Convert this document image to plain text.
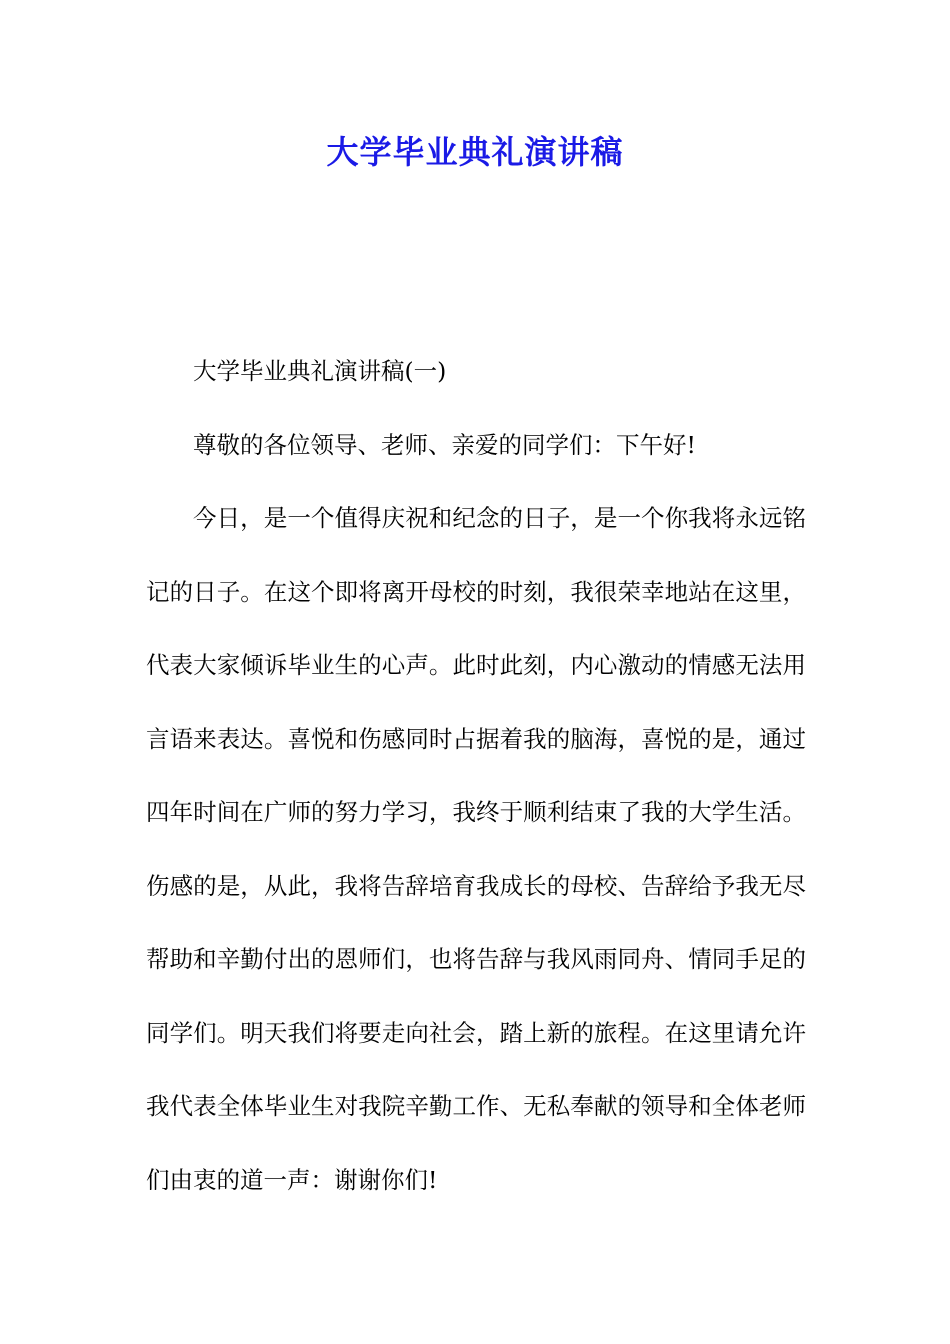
大学毕业典礼演讲稿

大学毕业典礼演讲稿(一)

尊敬的各位领导、老师、亲爱的同学们：下午好!

今日，是一个值得庆祝和纪念的日子，是一个你我将永远铭记的日子。在这个即将离开母校的时刻，我很荣幸地站在这里，代表大家倾诉毕业生的心声。此时此刻，内心激动的情感无法用言语来表达。喜悦和伤感同时占据着我的脑海，喜悦的是，通过四年时间在广师的努力学习，我终于顺利结束了我的大学生活。伤感的是，从此，我将告辞培育我成长的母校、告辞给予我无尽帮助和辛勤付出的恩师们，也将告辞与我风雨同舟、情同手足的同学们。明天我们将要走向社会，踏上新的旅程。在这里请允许我代表全体毕业生对我院辛勤工作、无私奉献的领导和全体老师们由衷的道一声：谢谢你们!
